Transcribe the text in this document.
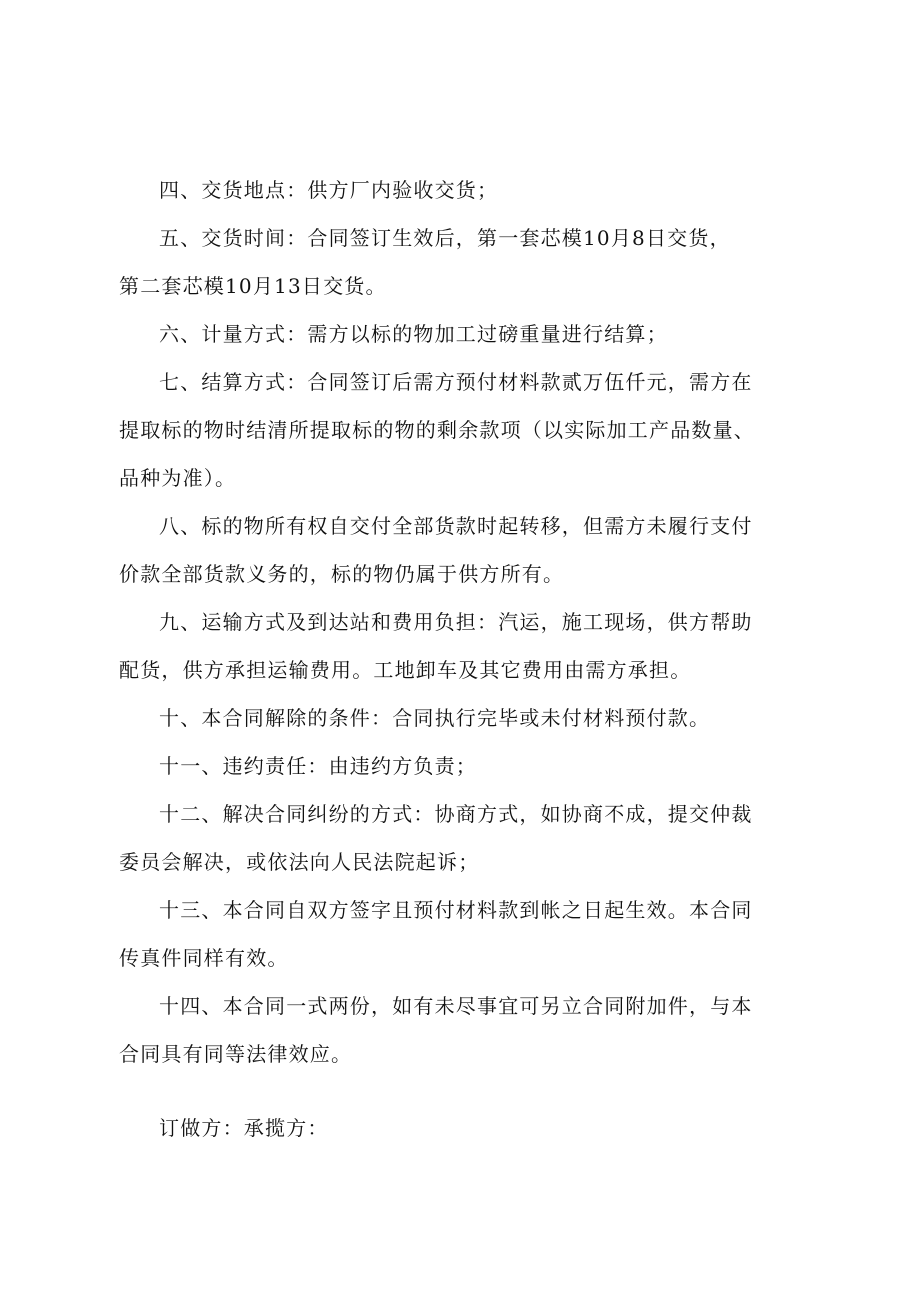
四、交货地点：供方厂内验收交货；

五、交货时间：合同签订生效后，第一套芯模10月8日交货，
第二套芯模10月13日交货。

六、计量方式：需方以标的物加工过磅重量进行结算；

七、结算方式：合同签订后需方预付材料款贰万伍仟元，需方在
提取标的物时结清所提取标的物的剩余款项（以实际加工产品数量、
品种为准）。

八、标的物所有权自交付全部货款时起转移，但需方未履行支付
价款全部货款义务的，标的物仍属于供方所有。

九、运输方式及到达站和费用负担：汽运，施工现场，供方帮助
配货，供方承担运输费用。工地卸车及其它费用由需方承担。

十、本合同解除的条件：合同执行完毕或未付材料预付款。

十一、违约责任：由违约方负责；

十二、解决合同纠纷的方式：协商方式，如协商不成，提交仲裁
委员会解决，或依法向人民法院起诉；

十三、本合同自双方签字且预付材料款到帐之日起生效。本合同
传真件同样有效。

十四、本合同一式两份，如有未尽事宜可另立合同附加件，与本
合同具有同等法律效应。

订做方：承揽方：
